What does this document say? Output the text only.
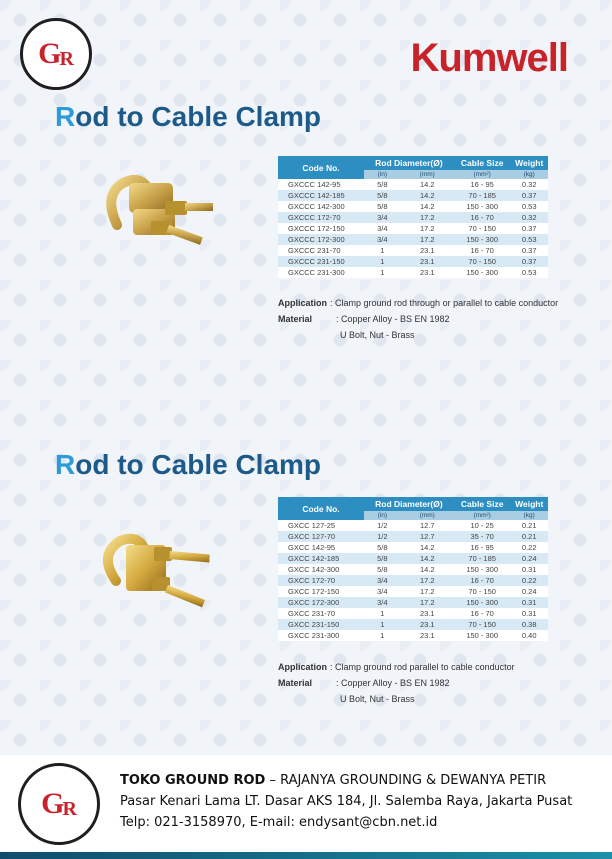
G
R	Kumwell
Rod to Cable Clamp
Code No.	Rod Diameter(Ø)		Cable Size	Weight
	(in)	(mm)	(mm²)	(kg)
GXCCC 142-95	5/8	14.2	16 - 95	0.32
GXCCC 142-185	5/8	14.2	70 - 185	0.37
GXCCC 142-300	5/8	14.2	150 - 300	0.53
GXCCC 172-70	3/4	17.2	16 - 70	0.32
GXCCC 172-150	3/4	17.2	70 - 150	0.37
GXCCC 172-300	3/4	17.2	150 - 300	0.53
GXCCC 231-70	1	23.1	16 - 70	0.37
GXCCC 231-150	1	23.1	70 - 150	0.37
GXCCC 231-300	1	23.1	150 - 300	0.53
Application : Clamp ground rod through or parallel to cable conductor
Material	: Copper Alloy - BS EN 1982
U Bolt, Nut - Brass
Rod to Cable Clamp
Code No.	Rod Diameter(Ø)		Cable Size	Weight
	(in)	(mm)	(mm²)	(kg)
GXCC 127-25	1/2	12.7	10 - 25	0.21
GXCC 127-70	1/2	12.7	35 - 70	0.21
GXCC 142-95	5/8	14.2	16 - 95	0.22
GXCC 142-185	5/8	14.2	70 - 185	0.24
GXCC 142-300	5/8	14.2	150 - 300	0.31
GXCC 172-70	3/4	17.2	16 - 70	0.22
GXCC 172-150	3/4	17.2	70 - 150	0.24
GXCC 172-300	3/4	17.2	150 - 300	0.31
GXCC 231-70	1	23.1	16 - 70	0.31
GXCC 231-150	1	23.1	70 - 150	0.38
GXCC 231-300	1	23.1	150 - 300	0.40
Application : Clamp ground rod parallel to cable conductor
Material	: Copper Alloy - BS EN 1982
U Bolt, Nut - Brass
G
R
TOKO GROUND ROD – RAJANYA GROUNDING & DEWANYA PETIR
Pasar Kenari Lama LT. Dasar AKS 184, Jl. Salemba Raya, Jakarta Pusat
Telp: 021-3158970, E-mail: endysant@cbn.net.id
